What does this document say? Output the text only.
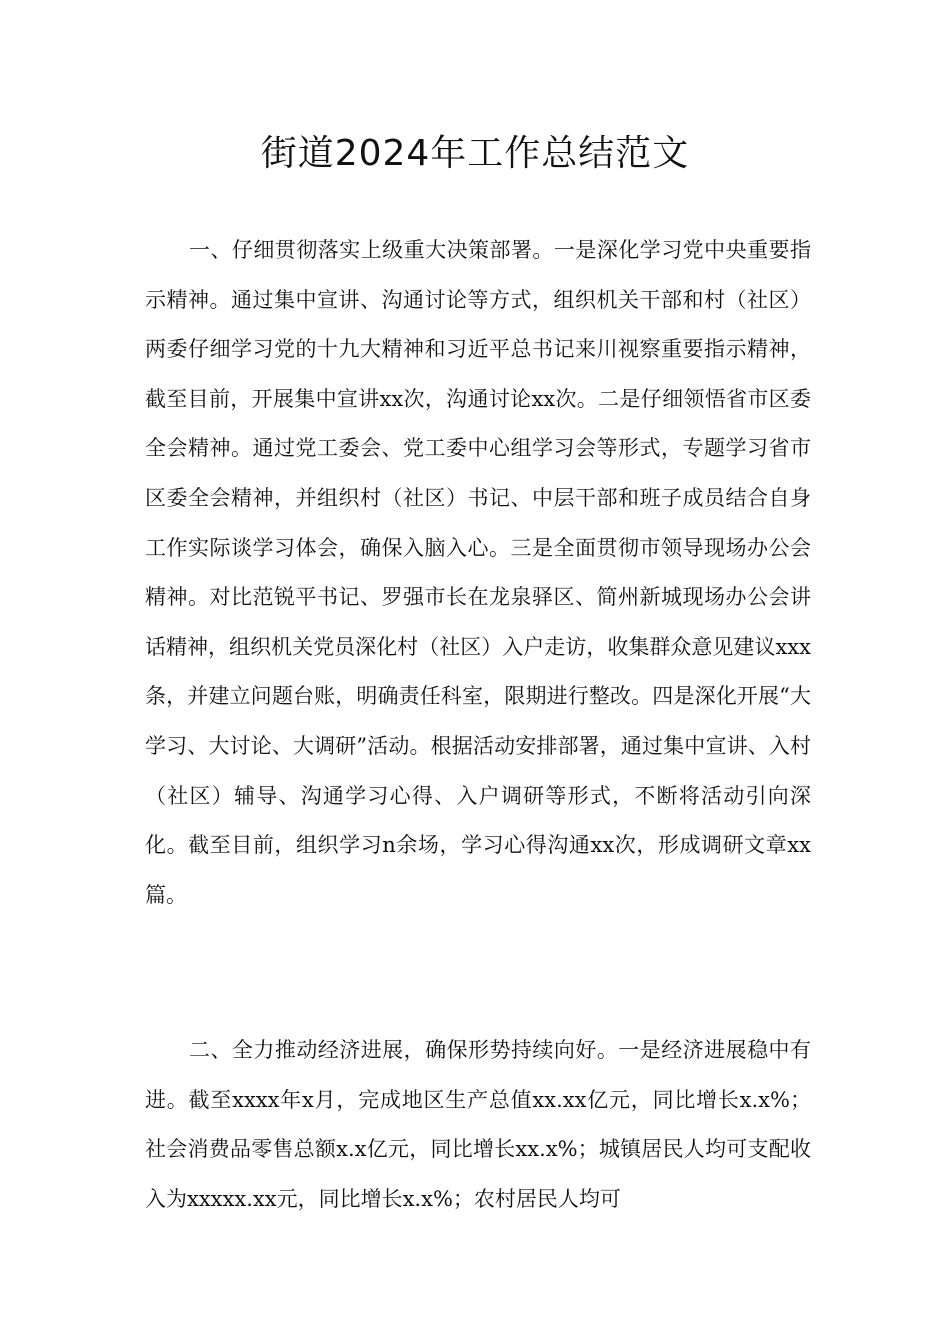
街道2024年工作总结范文

一、仔细贯彻落实上级重大决策部署。一是深化学习党中央重要指示精神。通过集中宣讲、沟通讨论等方式，组织机关干部和村（社区）两委仔细学习党的十九大精神和习近平总书记来川视察重要指示精神，截至目前，开展集中宣讲xx次，沟通讨论xx次。二是仔细领悟省市区委全会精神。通过党工委会、党工委中心组学习会等形式，专题学习省市区委全会精神，并组织村（社区）书记、中层干部和班子成员结合自身工作实际谈学习体会，确保入脑入心。三是全面贯彻市领导现场办公会精神。对比范锐平书记、罗强市长在龙泉驿区、简州新城现场办公会讲话精神，组织机关党员深化村（社区）入户走访，收集群众意见建议xxx条，并建立问题台账，明确责任科室，限期进行整改。四是深化开展“大学习、大讨论、大调研”活动。根据活动安排部署，通过集中宣讲、入村（社区）辅导、沟通学习心得、入户调研等形式，不断将活动引向深化。截至目前，组织学习n余场，学习心得沟通xx次，形成调研文章xx篇。

二、全力推动经济进展，确保形势持续向好。一是经济进展稳中有进。截至xxxx年x月，完成地区生产总值xx.xx亿元，同比增长x.x%；社会消费品零售总额x.x亿元，同比增长xx.x%；城镇居民人均可支配收入为xxxxx.xx元，同比增长x.x%；农村居民人均可
